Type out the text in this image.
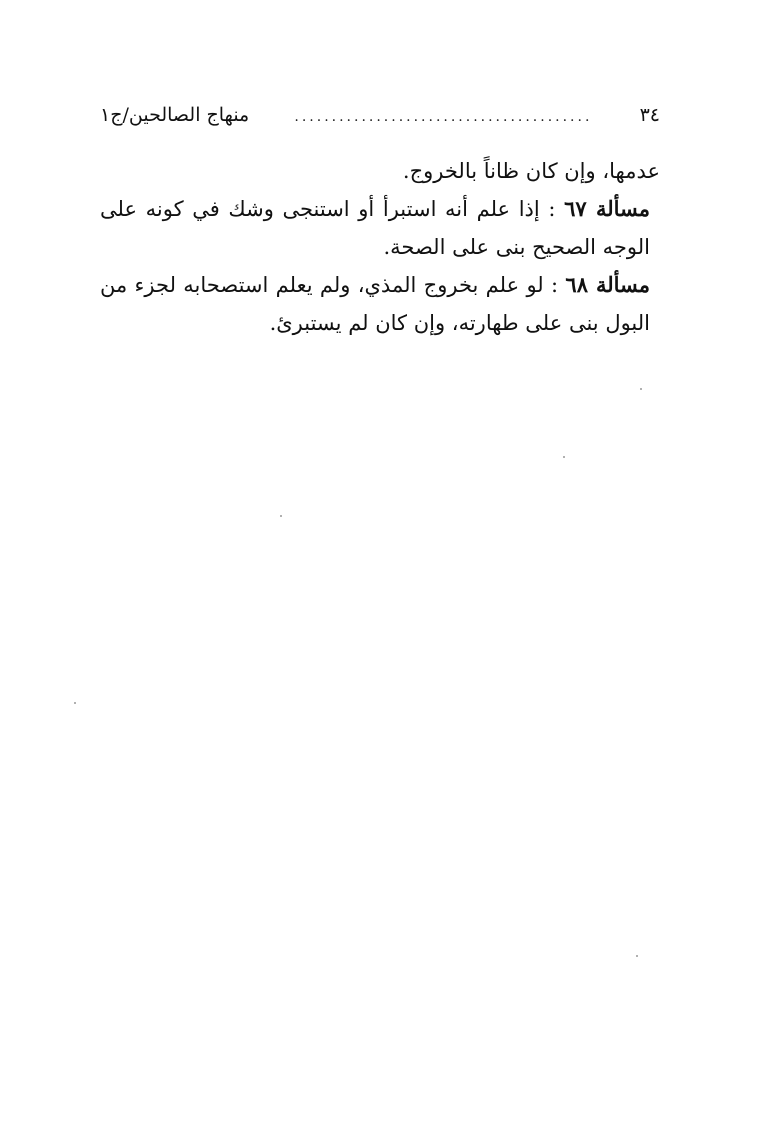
٣٤
........................................
منهاج الصالحين/ج١

عدمها، وإن كان ظاناً بالخروج.

مسألة ٦٧ : إذا علم أنه استبرأ أو استنجى وشك في كونه على الوجه الصحيح بنى على الصحة.

مسألة ٦٨ : لو علم بخروج المذي، ولم يعلم استصحابه لجزء من البول بنى على طهارته، وإن كان لم يستبرئ.
